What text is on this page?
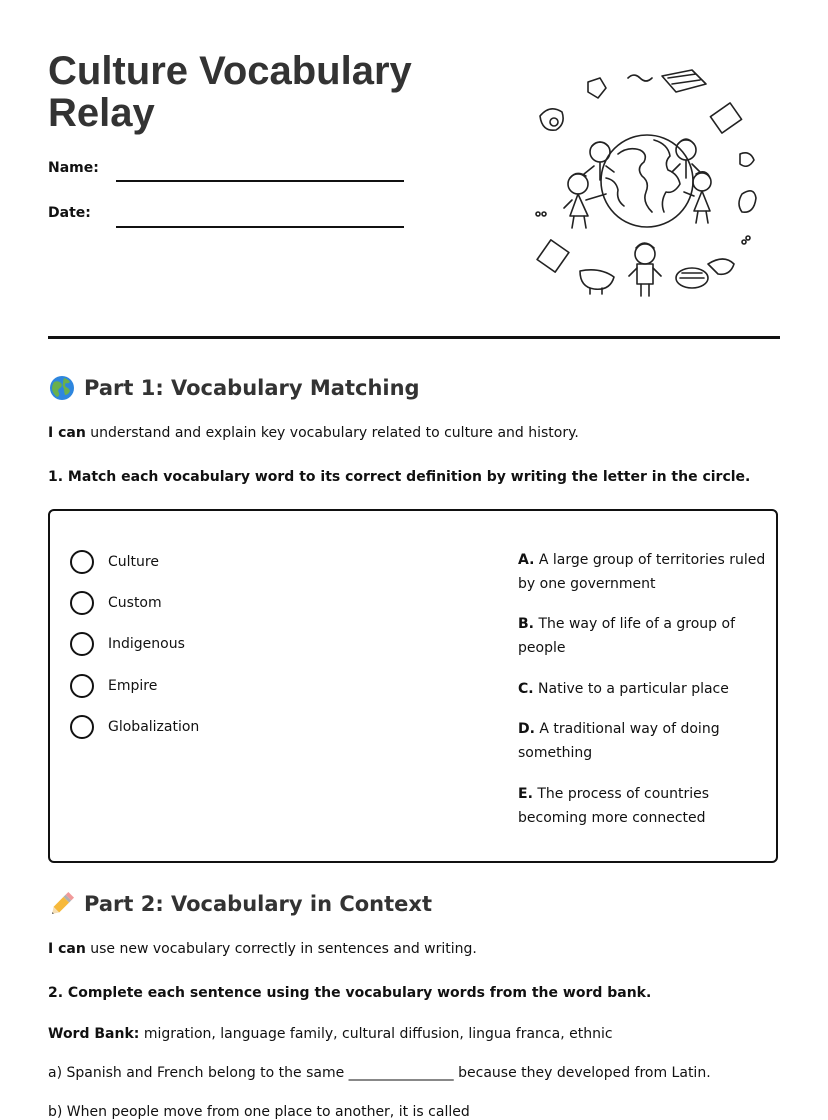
Culture Vocabulary Relay
Name:
Date:
Part 1: Vocabulary Matching
I can understand and explain key vocabulary related to culture and history.
1. Match each vocabulary word to its correct definition by writing the letter in the circle.
Culture
Custom
Indigenous
Empire
Globalization
A. A large group of territories ruled by one government
B. The way of life of a group of people
C. Native to a particular place
D. A traditional way of doing something
E. The process of countries becoming more connected
Part 2: Vocabulary in Context
I can use new vocabulary correctly in sentences and writing.
2. Complete each sentence using the vocabulary words from the word bank.
Word Bank: migration, language family, cultural diffusion, lingua franca, ethnic
a) Spanish and French belong to the same _______________ because they developed from Latin.
b) When people move from one place to another, it is called
